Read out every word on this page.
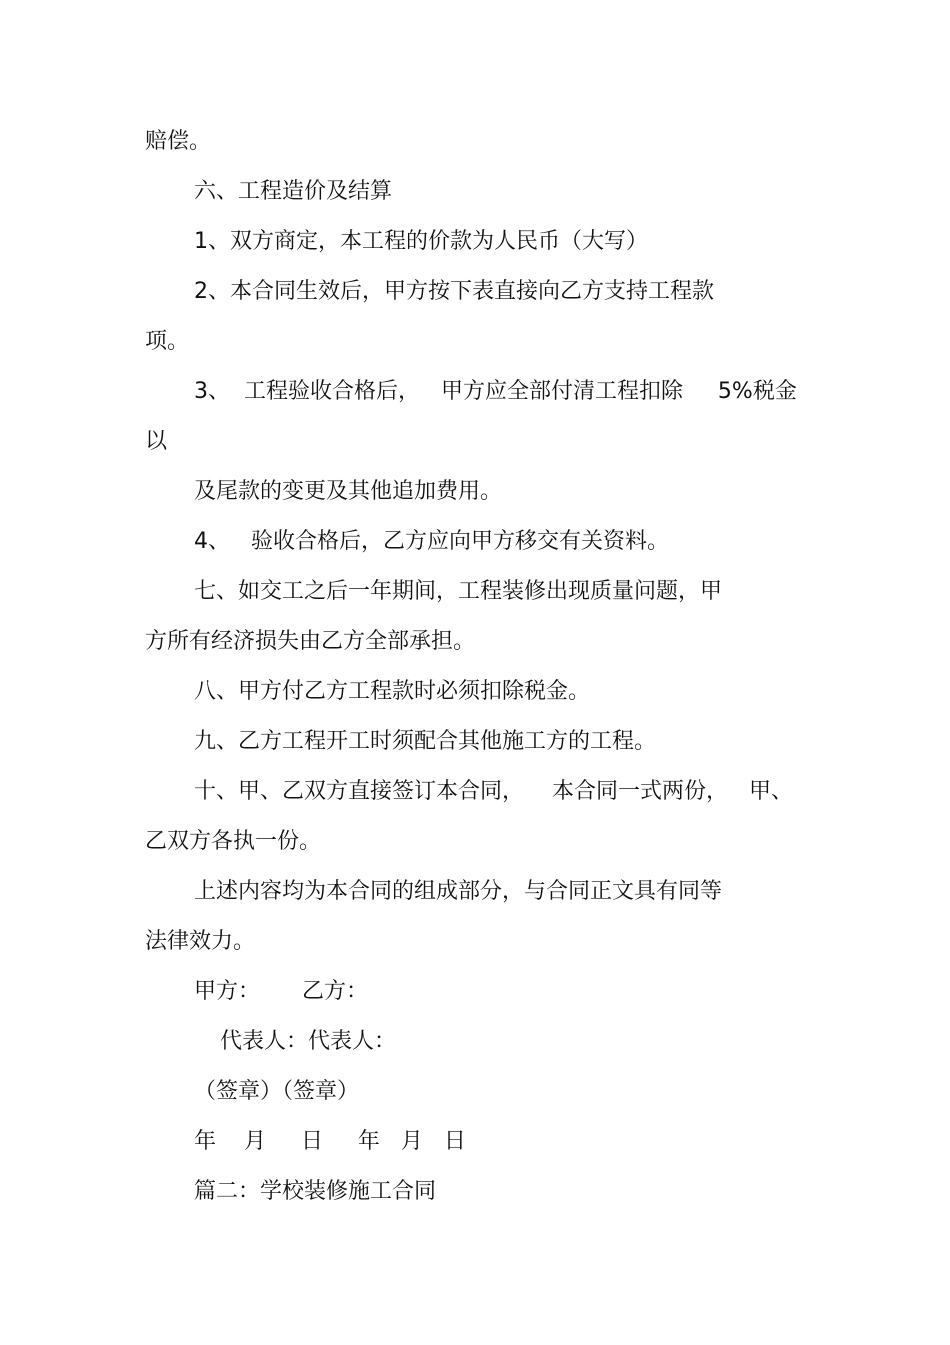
赔偿。

六、工程造价及结算

1、双方商定，本工程的价款为人民币（大写）

2、本合同生效后，甲方按下表直接向乙方支持工程款

项。

3、  工程验收合格后，   甲方应全部付清工程扣除     5%税金

以

及尾款的变更及其他追加费用。

4、   验收合格后，乙方应向甲方移交有关资料。

七、如交工之后一年期间，工程装修出现质量问题，甲

方所有经济损失由乙方全部承担。

八、甲方付乙方工程款时必须扣除税金。

九、乙方工程开工时须配合其他施工方的工程。

十、甲、乙双方直接签订本合同，    本合同一式两份，   甲、

乙双方各执一份。

上述内容均为本合同的组成部分，与合同正文具有同等

法律效力。

甲方：      乙方：

代表人：代表人：

（签章）（签章）

年    月     日     年   月   日

篇二：学校装修施工合同
